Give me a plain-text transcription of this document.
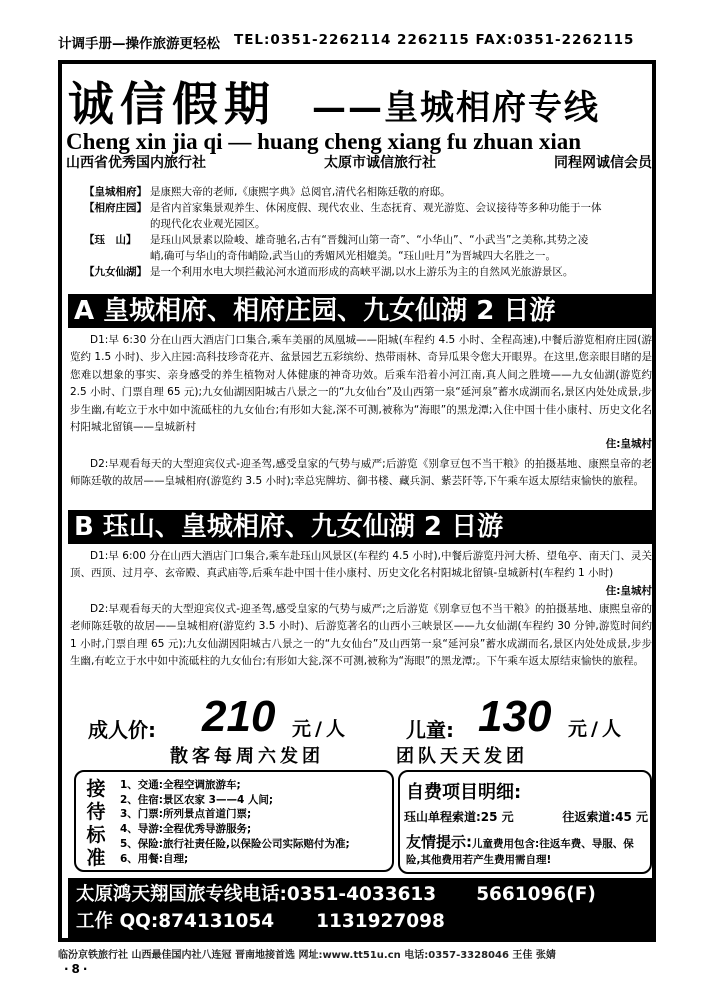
计调手册—操作旅游更轻松 TEL:0351-2262114 2262115 FAX:0351-2262115
诚信假期 ——皇城相府专线
Cheng xin jia qi — huang cheng xiang fu zhuan xian
山西省优秀国内旅行社	太原市诚信旅行社	同程网诚信会员
【皇城相府】 是康熙大帝的老师,《康熙字典》总阅官,清代名相陈廷敬的府邸。
【相府庄园】 是省内首家集景观养生、休闲度假、现代农业、生态抚育、观光游览、会议接待等多种功能于一体
的现代化农业观光园区。
【珏　山】	是珏山风景素以险峻、雄奇驰名,古有“晋魏河山第一奇”、“小华山”、“小武当”之美称,其势之凌
峭,确可与华山的奇伟峭险,武当山的秀媚风光相媲美。“珏山吐月”为晋城四大名胜之一。
【九女仙湖】 是一个利用水电大坝拦截沁河水道而形成的高峡平湖,以水上游乐为主的自然风光旅游景区。
A 皇城相府、相府庄园、九女仙湖 2 日游
D1:早 6:30 分在山西大酒店门口集合,乘车美丽的凤凰城——阳城(车程约 4.5 小时、全程高速),中餐后游览相府庄园(游览约 1.5 小时)、步入庄园:高科技珍奇花卉、盆景园艺五彩缤纷、热带雨林、奇异瓜果令您大开眼界。在这里,您亲眼目睹的是您难以想象的事实、亲身感受的养生植物对人体健康的神奇功效。后乘车沿着小河江南,真人间之胜境——九女仙湖(游览约 2.5 小时、门票自理 65 元);九女仙湖因阳城古八景之一的“九女仙台”及山西第一泉“延河泉”蓄水成湖而名,景区内处处成景,步步生幽,有屹立于水中如中流砥柱的九女仙台;有形如大瓮,深不可测,被称为“海眼”的黑龙潭;入住中国十佳小康村、历史文化名村阳城北留镇——皇城新村
住:皇城村
D2:早观看每天的大型迎宾仪式-迎圣驾,感受皇家的气势与威严;后游览《别拿豆包不当干粮》的拍摄基地、康熙皇帝的老师陈廷敬的故居——皇城相府(游览约 3.5 小时);幸总宪牌坊、御书楼、藏兵洞、紫芸阡等,下午乘车返太原结束愉快的旅程。
B 珏山、皇城相府、九女仙湖 2 日游
D1:早 6:00 分在山西大酒店门口集合,乘车赴珏山风景区(车程约 4.5 小时),中餐后游览丹河大桥、望龟亭、南天门、灵关顶、西顶、过月亭、玄帝殿、真武庙等,后乘车赴中国十佳小康村、历史文化名村阳城北留镇-皇城新村(车程约 1 小时)
住:皇城村
D2:早观看每天的大型迎宾仪式-迎圣驾,感受皇家的气势与威严;之后游览《别拿豆包不当干粮》的拍摄基地、康熙皇帝的老师陈廷敬的故居——皇城相府(游览约 3.5 小时)、后游览著名的山西小三峡景区——九女仙湖(车程约 30 分钟,游览时间约 1 小时,门票自理 65 元);九女仙湖因阳城古八景之一的“九女仙台”及山西第一泉“延河泉”蓄水成湖而名,景区内处处成景,步步生幽,有屹立于水中如中流砥柱的九女仙台;有形如大瓮,深不可测,被称为“海眼”的黑龙潭;。下午乘车返太原结束愉快的旅程。
成人价: 210 元/人	儿童: 130 元/人
散客每周六发团	团队天天发团
接待标准
1、交通:全程空调旅游车;
2、住宿:景区农家 3——4 人间;
3、门票:所列景点首道门票;
4、导游:全程优秀导游服务;
5、保险:旅行社责任险,以保险公司实际赔付为准;
6、用餐:自理;
自费项目明细:
珏山单程索道:25 元	往返索道:45 元
友情提示:儿童费用包含:往返车费、导服、保险,其他费用若产生费用需自理!
太原鸿天翔国旅专线电话:0351-4033613 5661096(F)
工作 QQ:874131054 1131927098
临汾京铁旅行社 山西最佳国内社八连冠 晋南地接首选 网址:www.tt51u.cn 电话:0357-3328046 王佳 张婧
·8·
